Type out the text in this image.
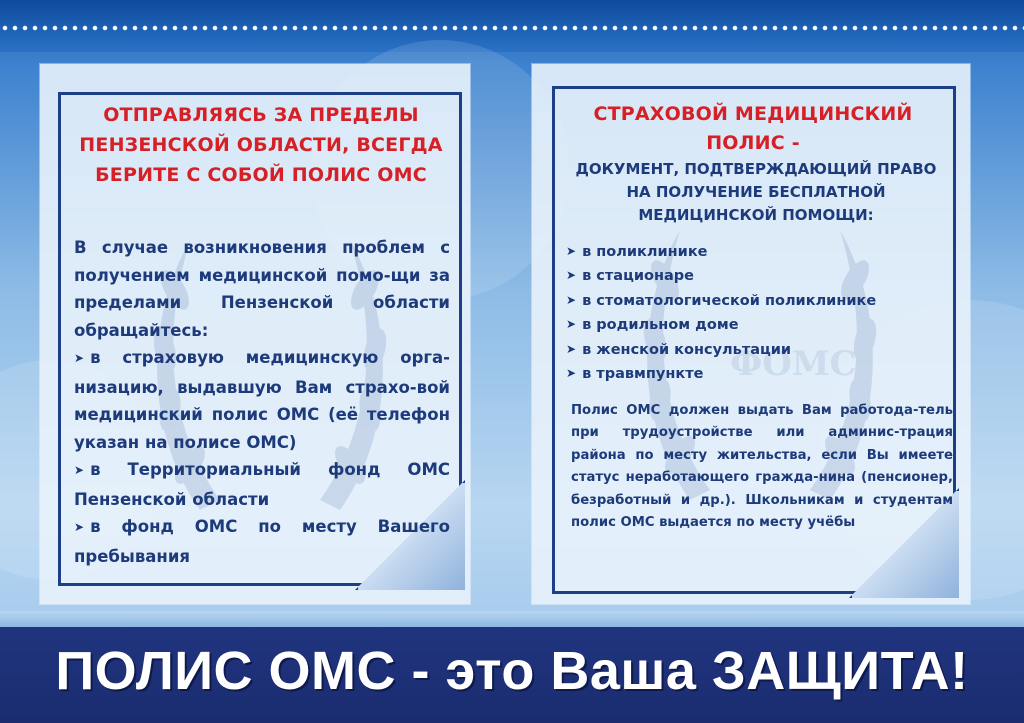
ОТПРАВЛЯЯСЬ ЗА ПРЕДЕЛЫ ПЕНЗЕНСКОЙ ОБЛАСТИ, ВСЕГДА БЕРИТЕ С СОБОЙ ПОЛИС ОМС
В случае возникновения проблем с получением медицинской помо-щи за пределами Пензенской области обращайтесь:
➤ в страховую медицинскую орга-низацию, выдавшую Вам страхо-вой медицинский полис ОМС (её телефон указан на полисе ОМС)
➤ в Территориальный фонд ОМС Пензенской области
➤ в фонд ОМС по месту Вашего пребывания
СТРАХОВОЙ МЕДИЦИНСКИЙ ПОЛИС -
ДОКУМЕНТ, ПОДТВЕРЖДАЮЩИЙ ПРАВО НА ПОЛУЧЕНИЕ БЕСПЛАТНОЙ МЕДИЦИНСКОЙ ПОМОЩИ:
➤ в поликлинике
➤ в стационаре
➤ в стоматологической поликлинике
➤ в родильном доме
➤ в женской консультации
➤ в травмпункте
Полис ОМС должен выдать Вам работода-тель при трудоустройстве или админис-трация района по месту жительства, если Вы имеете статус неработающего гражда-нина (пенсионер, безработный и др.). Школьникам и студентам полис ОМС выдается по месту учёбы
ПОЛИС ОМС - это Ваша ЗАЩИТА!
